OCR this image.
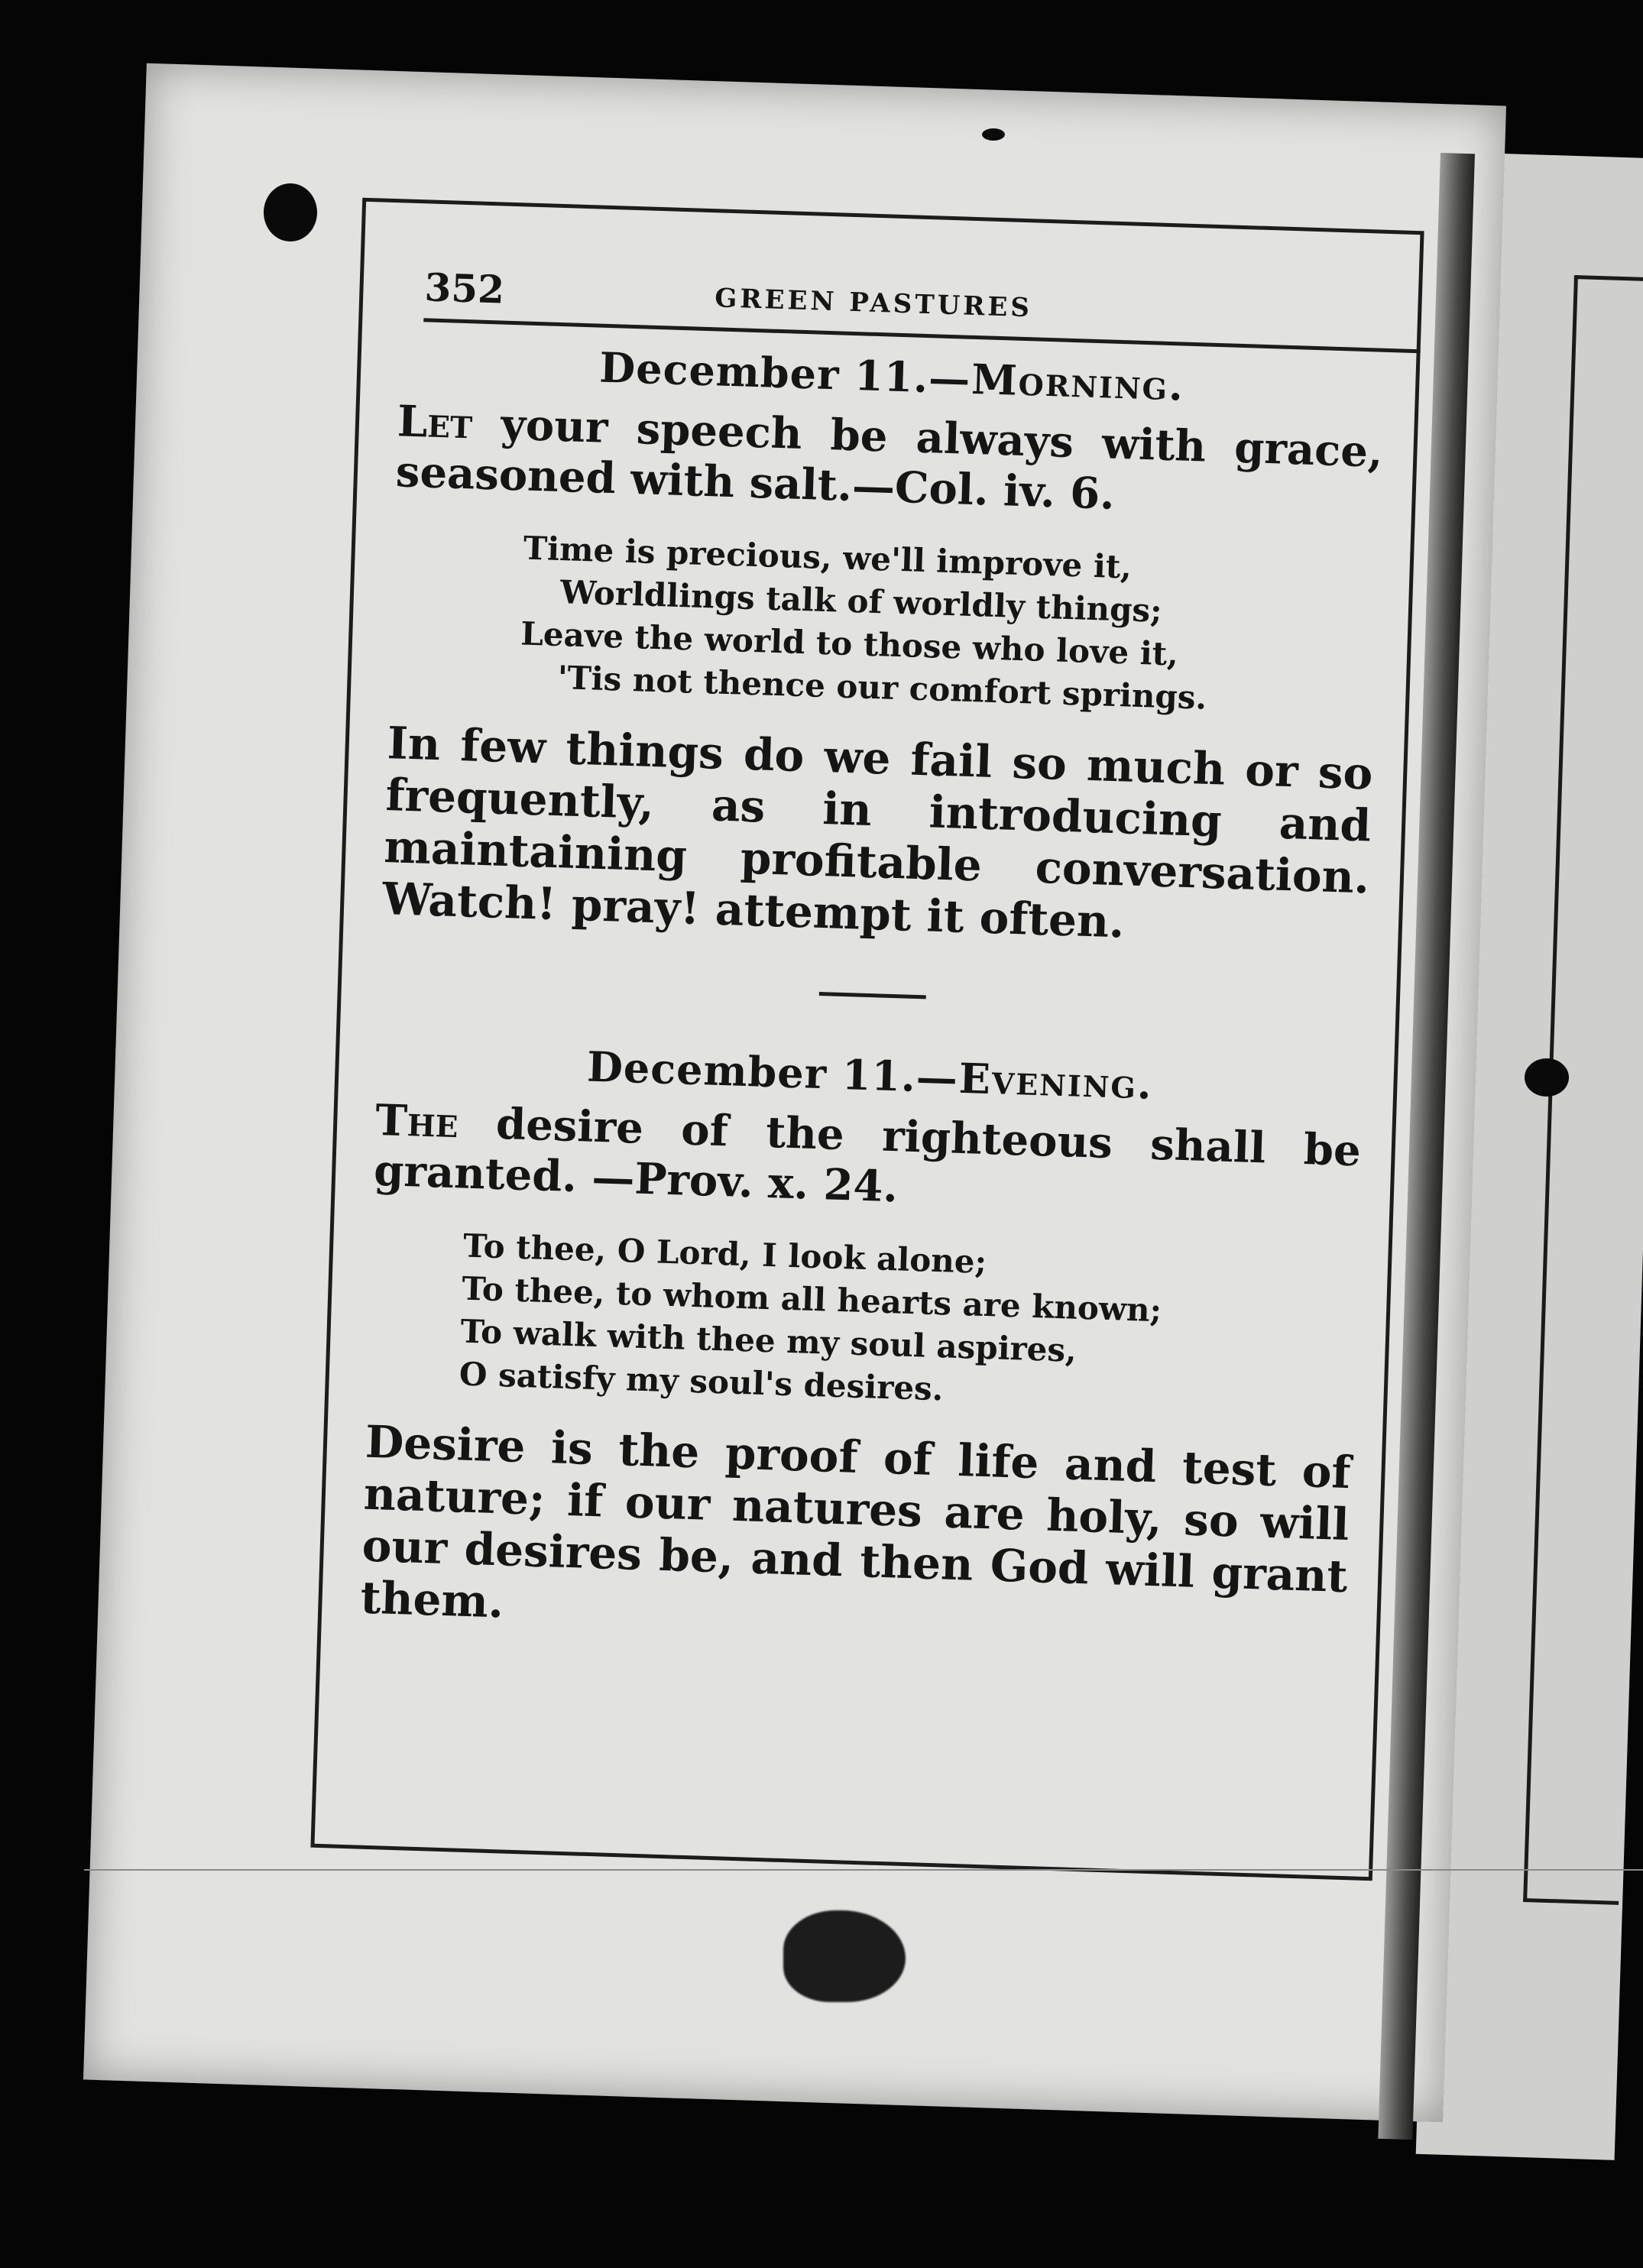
352	GREEN PASTURES
December 11.—Morning.

Let your speech be always with grace, seasoned with salt.—Col. iv. 6.

Time is precious, we'll improve it,
Worldlings talk of worldly things;
Leave the world to those who love it,
'Tis not thence our comfort springs.

In few things do we fail so much or so frequently, as in introducing and maintaining profitable conversation. Watch! pray! attempt it often.

December 11.—Evening.

The desire of the righteous shall be granted. —Prov. x. 24.

To thee, O Lord, I look alone;
To thee, to whom all hearts are known;
To walk with thee my soul aspires,
O satisfy my soul's desires.

Desire is the proof of life and test of nature; if our natures are holy, so will our desires be, and then God will grant them.
